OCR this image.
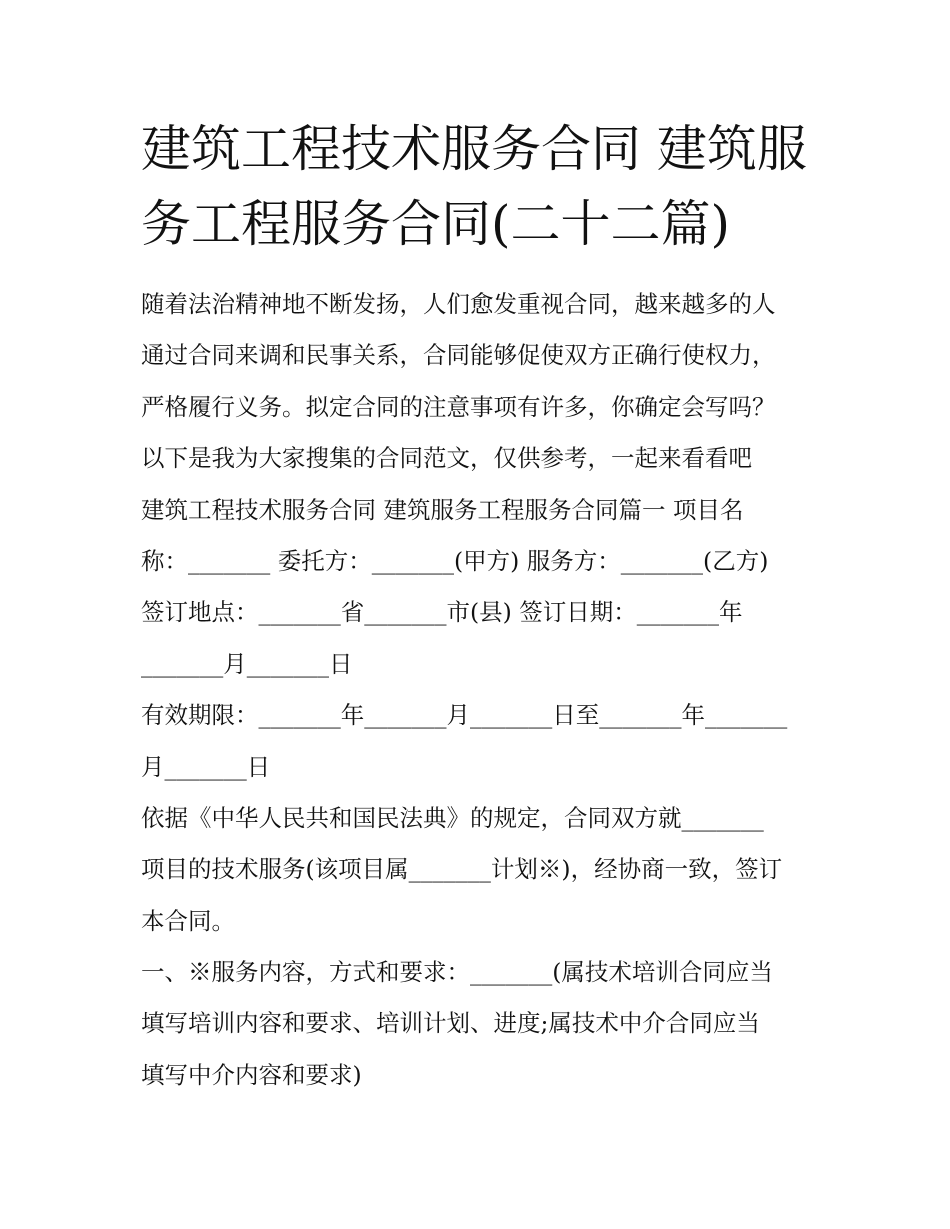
建筑工程技术服务合同 建筑服
务工程服务合同(二十二篇)
随着法治精神地不断发扬，人们愈发重视合同，越来越多的人
通过合同来调和民事关系，合同能够促使双方正确行使权力，
严格履行义务。拟定合同的注意事项有许多，你确定会写吗？
以下是我为大家搜集的合同范文，仅供参考，一起来看看吧
建筑工程技术服务合同 建筑服务工程服务合同篇一 项目名
称：_______ 委托方：_______(甲方) 服务方：_______(乙方)
签订地点：_______省_______市(县) 签订日期：_______年
_______月_______日
有效期限：_______年_______月_______日至_______年_______
月_______日
依据《中华人民共和国民法典》的规定，合同双方就_______
项目的技术服务(该项目属_______计划※)，经协商一致，签订
本合同。
一、※服务内容，方式和要求：_______(属技术培训合同应当
填写培训内容和要求、培训计划、进度;属技术中介合同应当
填写中介内容和要求)
